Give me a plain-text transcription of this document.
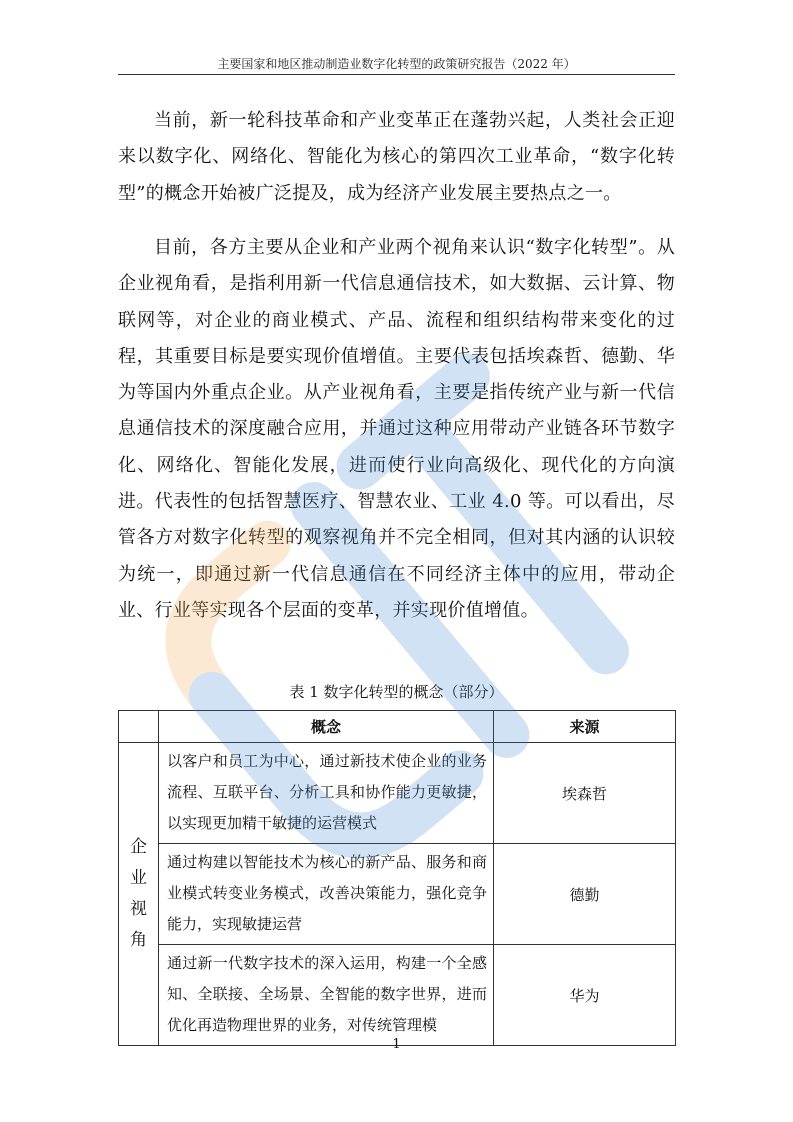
主要国家和地区推动制造业数字化转型的政策研究报告（2022 年）

当前，新一轮科技革命和产业变革正在蓬勃兴起，人类社会正迎来以数字化、网络化、智能化为核心的第四次工业革命，“数字化转型”的概念开始被广泛提及，成为经济产业发展主要热点之一。

目前，各方主要从企业和产业两个视角来认识“数字化转型”。从企业视角看，是指利用新一代信息通信技术，如大数据、云计算、物联网等，对企业的商业模式、产品、流程和组织结构带来变化的过程，其重要目标是要实现价值增值。主要代表包括埃森哲、德勤、华为等国内外重点企业。从产业视角看，主要是指传统产业与新一代信息通信技术的深度融合应用，并通过这种应用带动产业链各环节数字化、网络化、智能化发展，进而使行业向高级化、现代化的方向演进。代表性的包括智慧医疗、智慧农业、工业 4.0 等。可以看出，尽管各方对数字化转型的观察视角并不完全相同，但对其内涵的认识较为统一，即通过新一代信息通信在不同经济主体中的应用，带动企业、行业等实现各个层面的变革，并实现价值增值。

表 1 数字化转型的概念（部分）
	概念	来源

企
业
视
角	以客户和员工为中心，通过新技术使企业的业务流程、互联平台、分析工具和协作能力更敏捷，以实现更加精干敏捷的运营模式	埃森哲
	通过构建以智能技术为核心的新产品、服务和商业模式转变业务模式，改善决策能力，强化竞争能力，实现敏捷运营	德勤
	通过新一代数字技术的深入运用，构建一个全感知、全联接、全场景、全智能的数字世界，进而优化再造物理世界的业务，对传统管理模	华为
1
